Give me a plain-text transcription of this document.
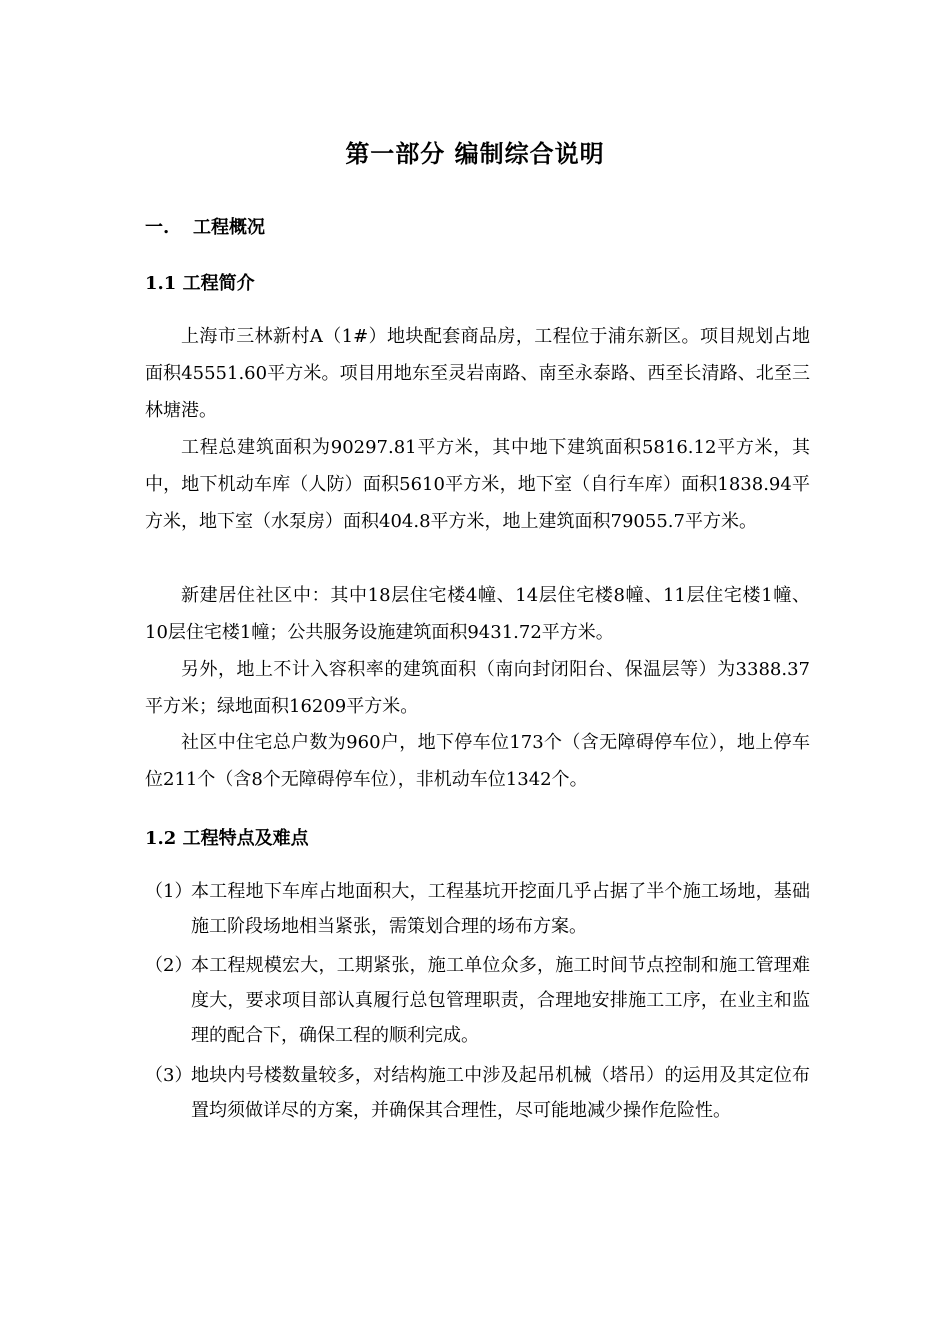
第一部分 编制综合说明
一. 工程概况
1.1 工程简介
上海市三林新村A（1#）地块配套商品房，工程位于浦东新区。项目规划占地面积45551.60平方米。项目用地东至灵岩南路、南至永泰路、西至长清路、北至三林塘港。
工程总建筑面积为90297.81平方米，其中地下建筑面积5816.12平方米，其中，地下机动车库（人防）面积5610平方米，地下室（自行车库）面积1838.94平方米，地下室（水泵房）面积404.8平方米，地上建筑面积79055.7平方米。
新建居住社区中：其中18层住宅楼4幢、14层住宅楼8幢、11层住宅楼1幢、10层住宅楼1幢；公共服务设施建筑面积9431.72平方米。
另外，地上不计入容积率的建筑面积（南向封闭阳台、保温层等）为3388.37平方米；绿地面积16209平方米。
社区中住宅总户数为960户，地下停车位173个（含无障碍停车位），地上停车位211个（含8个无障碍停车位），非机动车位1342个。
1.2 工程特点及难点
（1）
本工程地下车库占地面积大，工程基坑开挖面几乎占据了半个施工场地，基础施工阶段场地相当紧张，需策划合理的场布方案。
（2）
本工程规模宏大，工期紧张，施工单位众多，施工时间节点控制和施工管理难度大，要求项目部认真履行总包管理职责，合理地安排施工工序，在业主和监理的配合下，确保工程的顺利完成。
（3）
地块内号楼数量较多，对结构施工中涉及起吊机械（塔吊）的运用及其定位布置均须做详尽的方案，并确保其合理性，尽可能地减少操作危险性。
